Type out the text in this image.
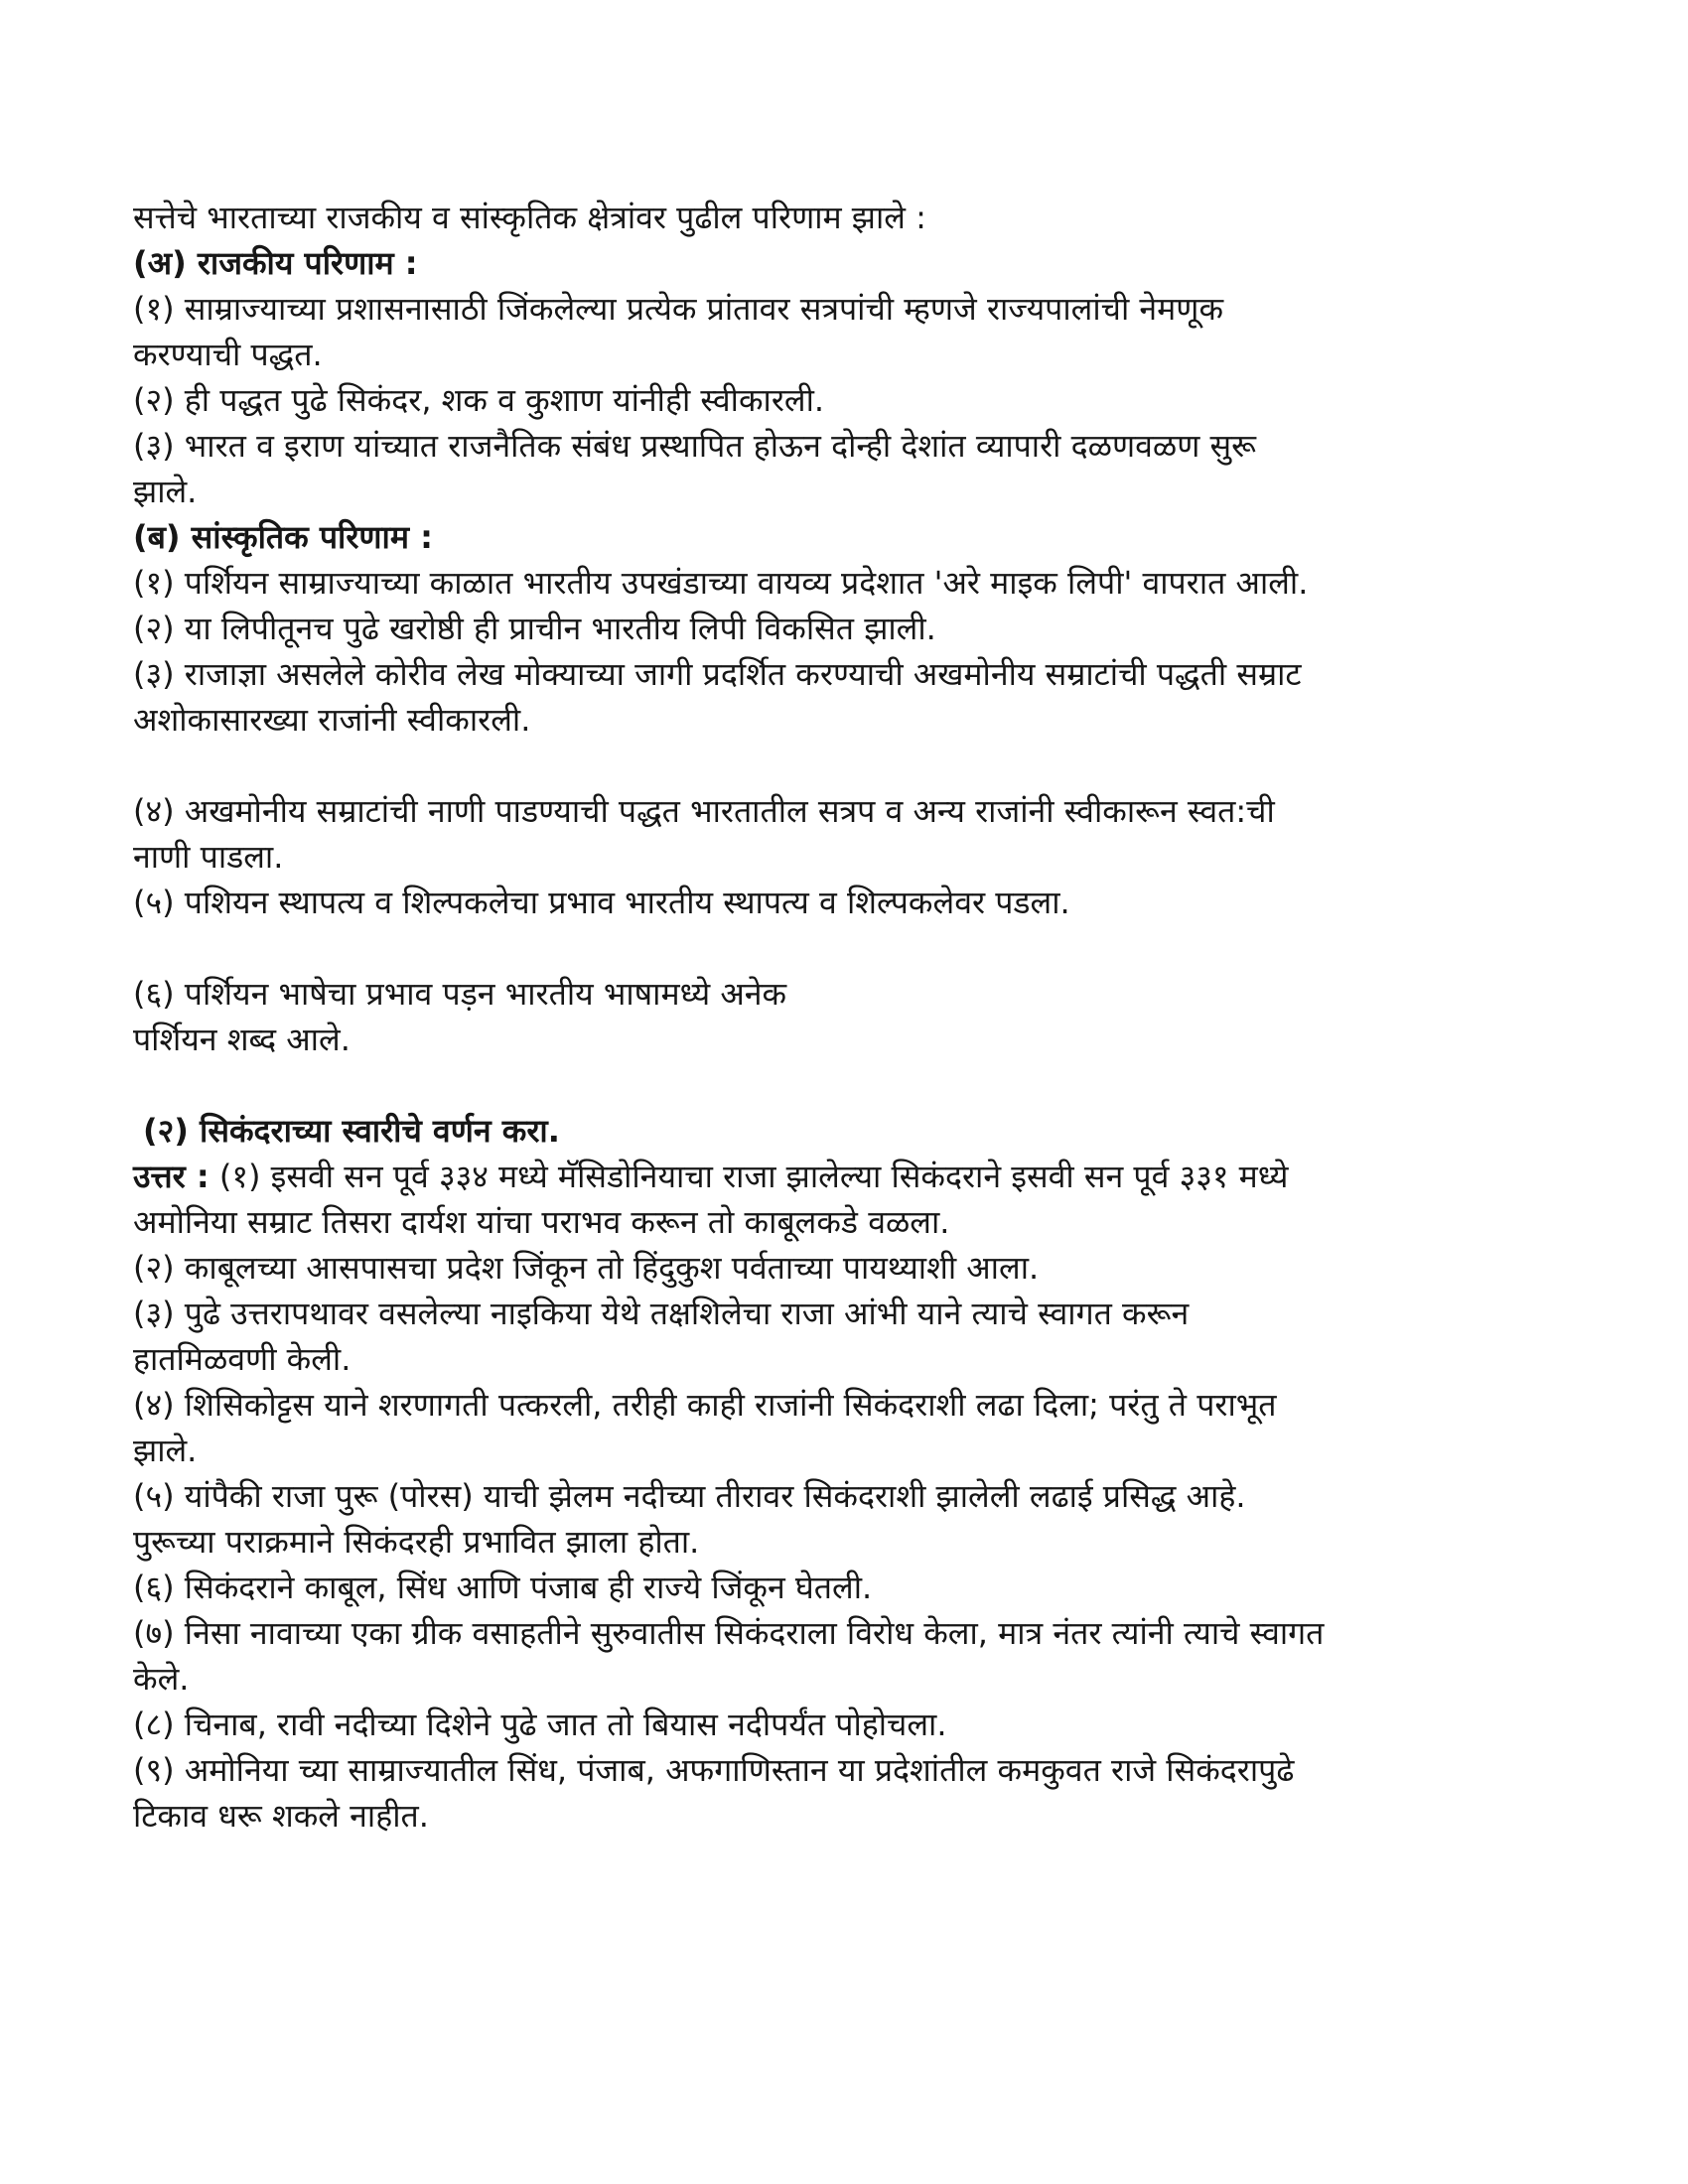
सत्तेचे भारताच्या राजकीय व सांस्कृतिक क्षेत्रांवर पुढील परिणाम झाले :
(अ) राजकीय परिणाम :
(१) साम्राज्याच्या प्रशासनासाठी जिंकलेल्या प्रत्येक प्रांतावर सत्रपांची म्हणजे राज्यपालांची नेमणूक
करण्याची पद्धत.
(२) ही पद्धत पुढे सिकंदर, शक व कुशाण यांनीही स्वीकारली.
(३) भारत व इराण यांच्यात राजनैतिक संबंध प्रस्थापित होऊन दोन्ही देशांत व्यापारी दळणवळण सुरू
झाले.
(ब) सांस्कृतिक परिणाम :
(१) पर्शियन साम्राज्याच्या काळात भारतीय उपखंडाच्या वायव्य प्रदेशात 'अरे माइक लिपी' वापरात आली.
(२) या लिपीतूनच पुढे खरोष्ठी ही प्राचीन भारतीय लिपी विकसित झाली.
(३) राजाज्ञा असलेले कोरीव लेख मोक्याच्या जागी प्रदर्शित करण्याची अखमोनीय सम्राटांची पद्धती सम्राट
अशोकासारख्या राजांनी स्वीकारली.
(४) अखमोनीय सम्राटांची नाणी पाडण्याची पद्धत भारतातील सत्रप व अन्य राजांनी स्वीकारून स्वत:ची
नाणी पाडला.
(५) पशियन स्थापत्य व शिल्पकलेचा प्रभाव भारतीय स्थापत्य व शिल्पकलेवर पडला.
(६) पर्शियन भाषेचा प्रभाव पड़न भारतीय भाषामध्ये अनेक
पर्शियन शब्द आले.
(२) सिकंदराच्या स्वारीचे वर्णन करा.
उत्तर : (१) इसवी सन पूर्व ३३४ मध्ये मॅसिडोनियाचा राजा झालेल्या सिकंदराने इसवी सन पूर्व ३३१ मध्ये
अमोनिया सम्राट तिसरा दार्यश यांचा पराभव करून तो काबूलकडे वळला.
(२) काबूलच्या आसपासचा प्रदेश जिंकून तो हिंदुकुश पर्वताच्या पायथ्याशी आला.
(३) पुढे उत्तरापथावर वसलेल्या नाइकिया येथे तक्षशिलेचा राजा आंभी याने त्याचे स्वागत करून
हातमिळवणी केली.
(४) शिसिकोट्टस याने शरणागती पत्करली, तरीही काही राजांनी सिकंदराशी लढा दिला; परंतु ते पराभूत
झाले.
(५) यांपैकी राजा पुरू (पोरस) याची झेलम नदीच्या तीरावर सिकंदराशी झालेली लढाई प्रसिद्ध आहे.
पुरूच्या पराक्रमाने सिकंदरही प्रभावित झाला होता.
(६) सिकंदराने काबूल, सिंध आणि पंजाब ही राज्ये जिंकून घेतली.
(७) निसा नावाच्या एका ग्रीक वसाहतीने सुरुवातीस सिकंदराला विरोध केला, मात्र नंतर त्यांनी त्याचे स्वागत
केले.
(८) चिनाब, रावी नदीच्या दिशेने पुढे जात तो बियास नदीपर्यंत पोहोचला.
(९) अमोनिया च्या साम्राज्यातील सिंध, पंजाब, अफगाणिस्तान या प्रदेशांतील कमकुवत राजे सिकंदरापुढे
टिकाव धरू शकले नाहीत.
